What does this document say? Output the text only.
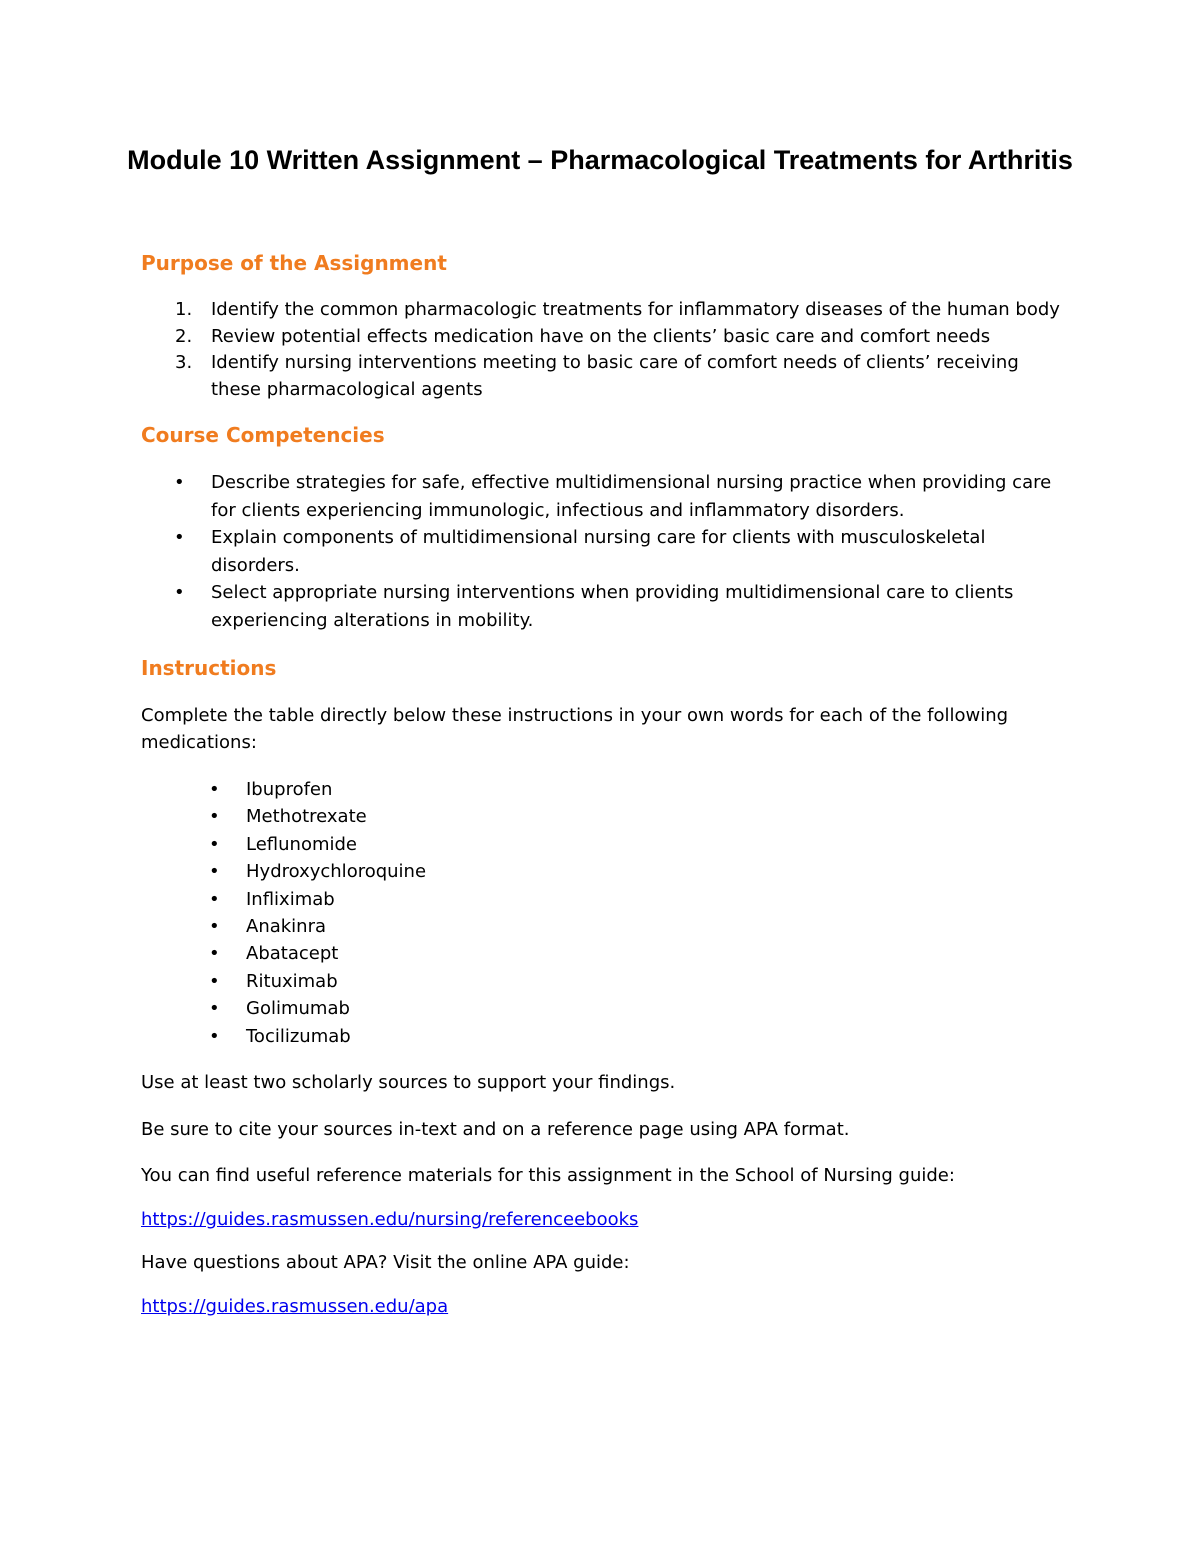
Module 10 Written Assignment – Pharmacological Treatments for Arthritis
Purpose of the Assignment
1. Identify the common pharmacologic treatments for inflammatory diseases of the human body
2. Review potential effects medication have on the clients’ basic care and comfort needs
3. Identify nursing interventions meeting to basic care of comfort needs of clients’ receiving these pharmacological agents
Course Competencies
• Describe strategies for safe, effective multidimensional nursing practice when providing care for clients experiencing immunologic, infectious and inflammatory disorders.
• Explain components of multidimensional nursing care for clients with musculoskeletal disorders.
• Select appropriate nursing interventions when providing multidimensional care to clients experiencing alterations in mobility.
Instructions

Complete the table directly below these instructions in your own words for each of the following medications:

• Ibuprofen
• Methotrexate
• Leflunomide
• Hydroxychloroquine
• Infliximab
• Anakinra
• Abatacept
• Rituximab
• Golimumab
• Tocilizumab

Use at least two scholarly sources to support your findings.

Be sure to cite your sources in-text and on a reference page using APA format.

You can find useful reference materials for this assignment in the School of Nursing guide:

https://guides.rasmussen.edu/nursing/referenceebooks

Have questions about APA? Visit the online APA guide:

https://guides.rasmussen.edu/apa
